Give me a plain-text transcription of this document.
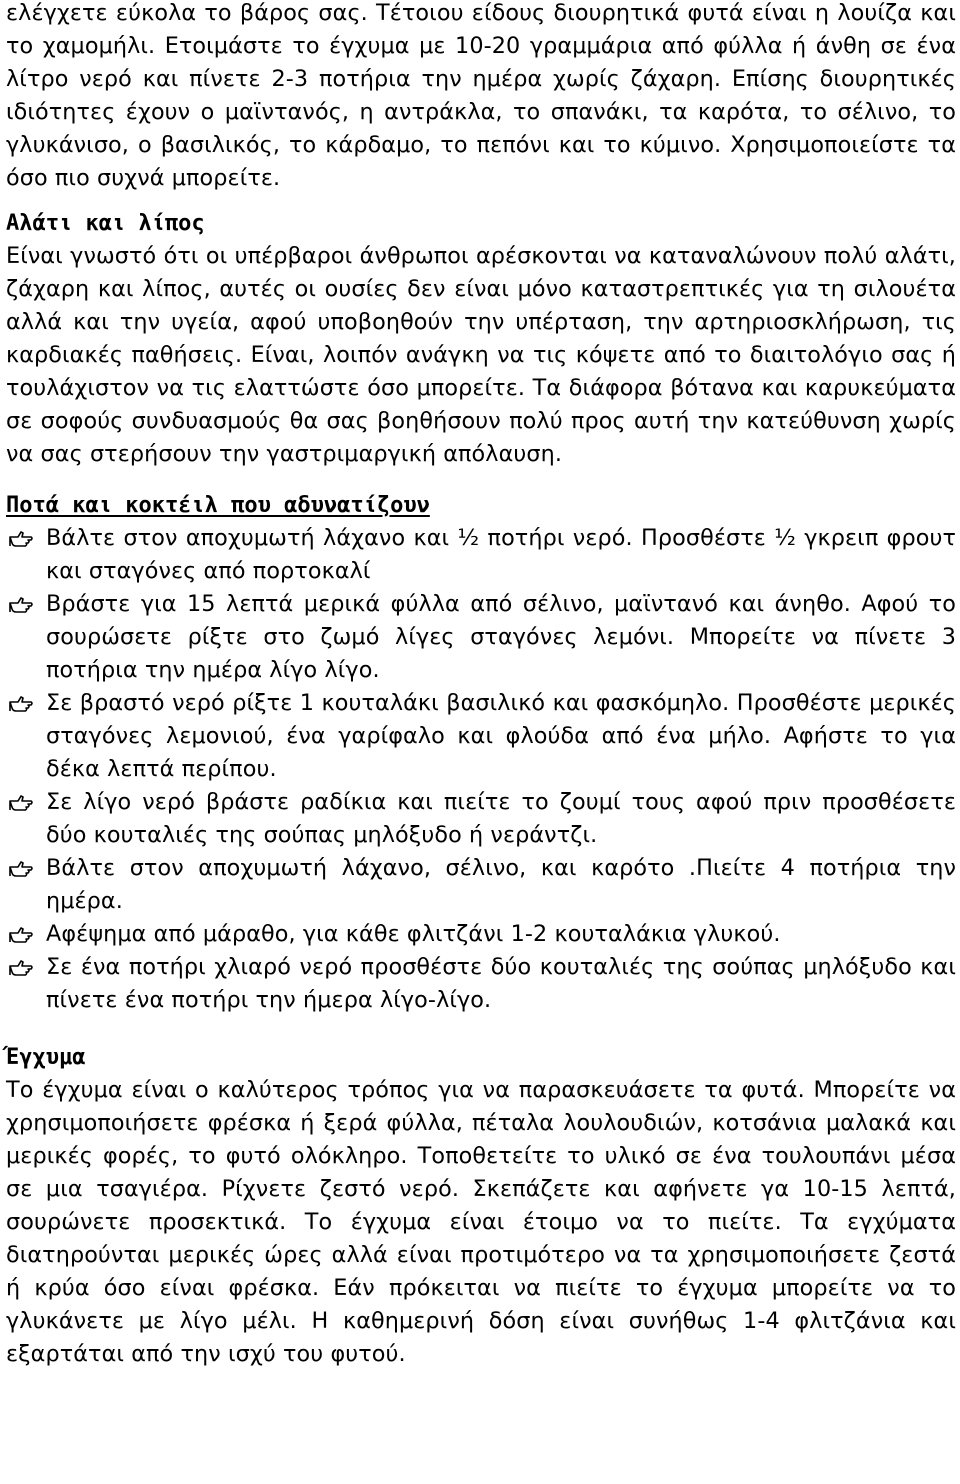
ελέγχετε εύκολα το βάρος σας. Τέτοιου είδους διουρητικά φυτά είναι η λουίζα και το χαμομήλι. Ετοιμάστε το έγχυμα με 10-20 γραμμάρια από φύλλα ή άνθη σε ένα λίτρο νερό και πίνετε 2-3 ποτήρια την ημέρα χωρίς ζάχαρη. Επίσης διουρητικές ιδιότητες έχουν ο μαϊντανός, η αντράκλα, το σπανάκι, τα καρότα, το σέλινο, το γλυκάνισο, ο βασιλικός, το κάρδαμο, το πεπόνι και το κύμινο. Χρησιμοποιείστε τα όσο πιο συχνά μπορείτε.

Αλάτι και λίπος

Είναι γνωστό ότι οι υπέρβαροι άνθρωποι αρέσκονται να καταναλώνουν πολύ αλάτι, ζάχαρη και λίπος, αυτές οι ουσίες δεν είναι μόνο καταστρεπτικές για τη σιλουέτα αλλά και την υγεία, αφού υποβοηθούν την υπέρταση, την αρτηριοσκλήρωση, τις καρδιακές παθήσεις. Είναι, λοιπόν ανάγκη να τις κόψετε από το διαιτολόγιο σας ή τουλάχιστον να τις ελαττώστε όσο μπορείτε. Τα διάφορα βότανα και καρυκεύματα σε σοφούς συνδυασμούς θα σας βοηθήσουν πολύ προς αυτή την κατεύθυνση χωρίς να σας στερήσουν την γαστριμαργική απόλαυση.

Ποτά και κοκτέιλ που αδυνατίζουν
Βάλτε στον αποχυμωτή λάχανο και ½ ποτήρι νερό. Προσθέστε ½ γκρειπ φρουτ και σταγόνες από πορτοκαλί
Βράστε για 15 λεπτά μερικά φύλλα από σέλινο, μαϊντανό και άνηθο. Αφού το σουρώσετε ρίξτε στο ζωμό λίγες σταγόνες λεμόνι. Μπορείτε να πίνετε 3 ποτήρια την ημέρα λίγο λίγο.
Σε βραστό νερό ρίξτε 1 κουταλάκι βασιλικό και φασκόμηλο. Προσθέστε μερικές σταγόνες λεμονιού, ένα γαρίφαλο και φλούδα από ένα μήλο. Αφήστε το για δέκα λεπτά περίπου.
Σε λίγο νερό βράστε ραδίκια και πιείτε το ζουμί τους αφού πριν προσθέσετε δύο κουταλιές της σούπας μηλόξυδο ή νεράντζι.
Βάλτε στον αποχυμωτή λάχανο, σέλινο, και καρότο .Πιείτε 4 ποτήρια την ημέρα.
Αφέψημα από μάραθο, για κάθε φλιτζάνι 1-2 κουταλάκια γλυκού.
Σε ένα ποτήρι χλιαρό νερό προσθέστε δύο κουταλιές της σούπας μηλόξυδο και πίνετε ένα ποτήρι την ήμερα λίγο-λίγο.
Έγχυμα

Το έγχυμα είναι ο καλύτερος τρόπος για να παρασκευάσετε τα φυτά. Μπορείτε να χρησιμοποιήσετε φρέσκα ή ξερά φύλλα, πέταλα λουλουδιών, κοτσάνια μαλακά και μερικές φορές, το φυτό ολόκληρο. Τοποθετείτε το υλικό σε ένα τουλουπάνι μέσα σε μια τσαγιέρα. Ρίχνετε ζεστό νερό. Σκεπάζετε και αφήνετε γα 10-15 λεπτά, σουρώνετε προσεκτικά. Το έγχυμα είναι έτοιμο να το πιείτε. Τα εγχύματα διατηρούνται μερικές ώρες αλλά είναι προτιμότερο να τα χρησιμοποιήσετε ζεστά ή κρύα όσο είναι φρέσκα. Εάν πρόκειται να πιείτε το έγχυμα μπορείτε να το γλυκάνετε με λίγο μέλι. Η καθημερινή δόση είναι συνήθως 1-4 φλιτζάνια και εξαρτάται από την ισχύ του φυτού.
